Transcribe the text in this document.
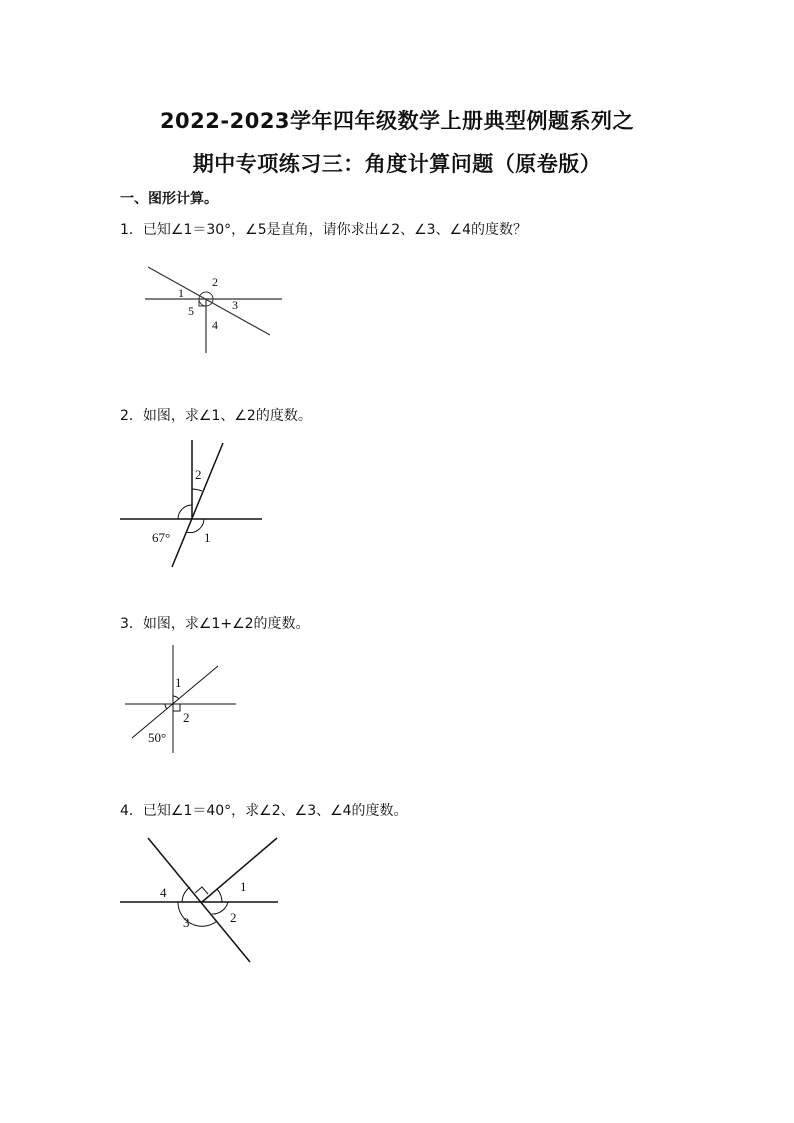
2022-2023学年四年级数学上册典型例题系列之
期中专项练习三：角度计算问题（原卷版）
一、图形计算。
1．已知∠1＝30°，∠5是直角，请你求出∠2、∠3、∠4的度数？
1
2
3
4
5
2．如图，求∠1、∠2的度数。
2
1
67°
3．如图，求∠1+∠2的度数。
1
2
50°
4．已知∠1＝40°，求∠2、∠3、∠4的度数。
1
2
3
4
